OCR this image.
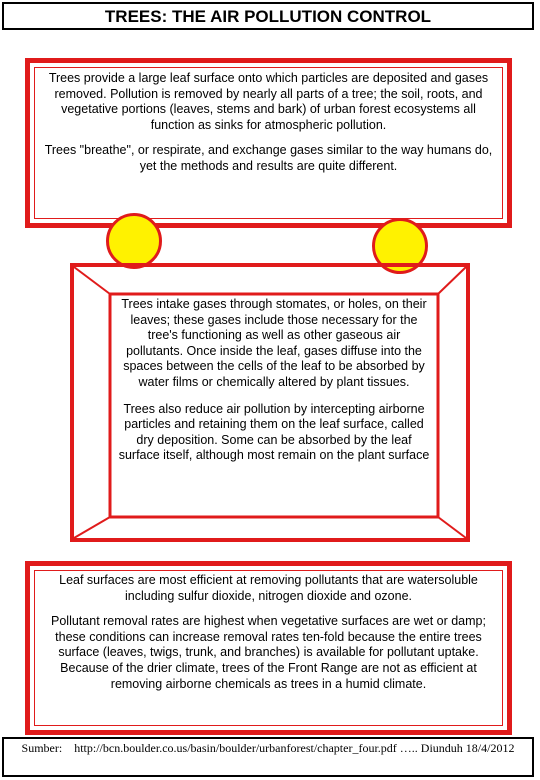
TREES: THE AIR POLLUTION CONTROL

Trees provide a large leaf surface onto which particles are deposited and gases removed. Pollution is removed by nearly all parts of a tree; the soil, roots, and vegetative portions (leaves, stems and bark) of urban forest ecosystems all function as sinks for atmospheric pollution.

Trees "breathe", or respirate, and exchange gases similar to the way humans do, yet the methods and results are quite different.

Trees intake gases through stomates, or holes, on their leaves; these gases include those necessary for the tree's functioning as well as other gaseous air pollutants. Once inside the leaf, gases diffuse into the spaces between the cells of the leaf to be absorbed by water films or chemically altered by plant tissues.

Trees also reduce air pollution by intercepting airborne particles and retaining them on the leaf surface, called dry deposition. Some can be absorbed by the leaf surface itself, although most remain on the plant surface

Leaf surfaces are most efficient at removing pollutants that are watersoluble including sulfur dioxide, nitrogen dioxide and ozone.

Pollutant removal rates are highest when vegetative surfaces are wet or damp; these conditions can increase removal rates ten-fold because the entire trees surface (leaves, twigs, trunk, and branches) is available for pollutant uptake. Because of the drier climate, trees of the Front Range are not as efficient at removing airborne chemicals as trees in a humid climate.

Sumber: http://bcn.boulder.co.us/basin/boulder/urbanforest/chapter_four.pdf ….. Diunduh 18/4/2012
